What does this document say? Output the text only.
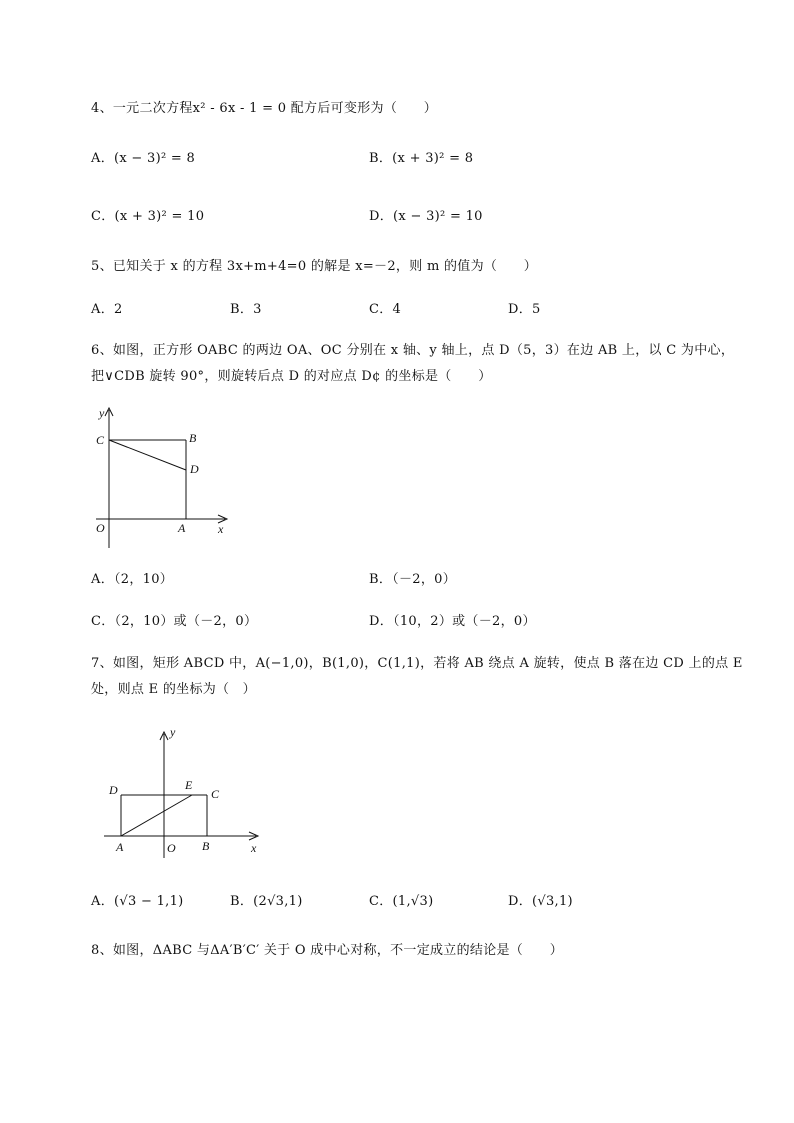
4、一元二次方程x² - 6x - 1 = 0 配方后可变形为（　　）
A．(x − 3)² = 8	B．(x + 3)² = 8
C．(x + 3)² = 10	D．(x − 3)² = 10
5、已知关于 x 的方程 3x+m+4=0 的解是 x=－2，则 m 的值为（　　）
A．2	B．3	C．4	D．5
6、如图，正方形 OABC 的两边 OA、OC 分别在 x 轴、y 轴上，点 D（5，3）在边 AB 上，以 C 为中心，
把∨CDB 旋转 90°，则旋转后点 D 的对应点 D¢ 的坐标是（　　）
y
C	B
D
O	A	x
A．（2，10）	B．（－2，0）
C．（2，10）或（－2，0）	D．（10，2）或（－2，0）
7、如图，矩形 ABCD 中，A(−1,0)，B(1,0)，C(1,1)，若将 AB 绕点 A 旋转，使点 B 落在边 CD 上的点 E
处，则点 E 的坐标为（　）
y
D	E
C
A	O B	x
A．(√3 − 1,1)	B．(2√3,1)	C．(1,√3)	D．(√3,1)
8、如图，ΔABC 与ΔA′B′C′ 关于 O 成中心对称，不一定成立的结论是（　　）
